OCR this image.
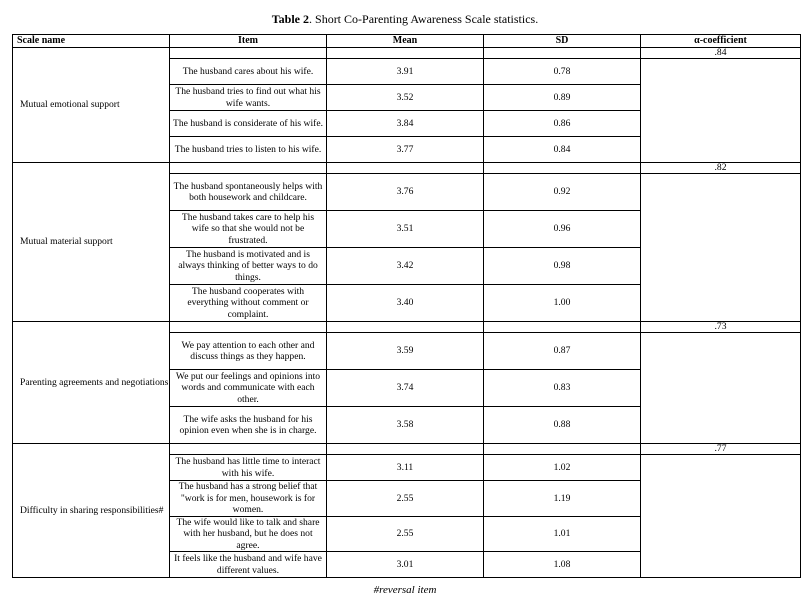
Table 2. Short Co-Parenting Awareness Scale statistics.
Scale name	Item	Mean	SD	α-coefficient
Mutual emotional support				.84

	The husband cares about his wife.	3.91	0.78	
	The husband tries to find out what his wife wants.	3.52	0.89	
	The husband is considerate of his wife.	3.84	0.86	
	The husband tries to listen to his wife.	3.77	0.84	
Mutual material support				.82

	The husband spontaneously helps with both housework and childcare.	3.76	0.92	
	The husband takes care to help his wife so that she would not be frustrated.	3.51	0.96	
	The husband is motivated and is always thinking of better ways to do things.	3.42	0.98	
	The husband cooperates with everything without comment or complaint.	3.40	1.00	
Parenting agreements and negotiations				.73

	We pay attention to each other and discuss things as they happen.	3.59	0.87	
	We put our feelings and opinions into words and communicate with each other.	3.74	0.83	
	The wife asks the husband for his opinion even when she is in charge.	3.58	0.88	
Difficulty in sharing responsibilities#				.77

	The husband has little time to interact with his wife.	3.11	1.02	
	The husband has a strong belief that "work is for men, housework is for women.	2.55	1.19	
	The wife would like to talk and share with her husband, but he does not agree.	2.55	1.01	
	It feels like the husband and wife have different values.	3.01	1.08	
#reversal item
